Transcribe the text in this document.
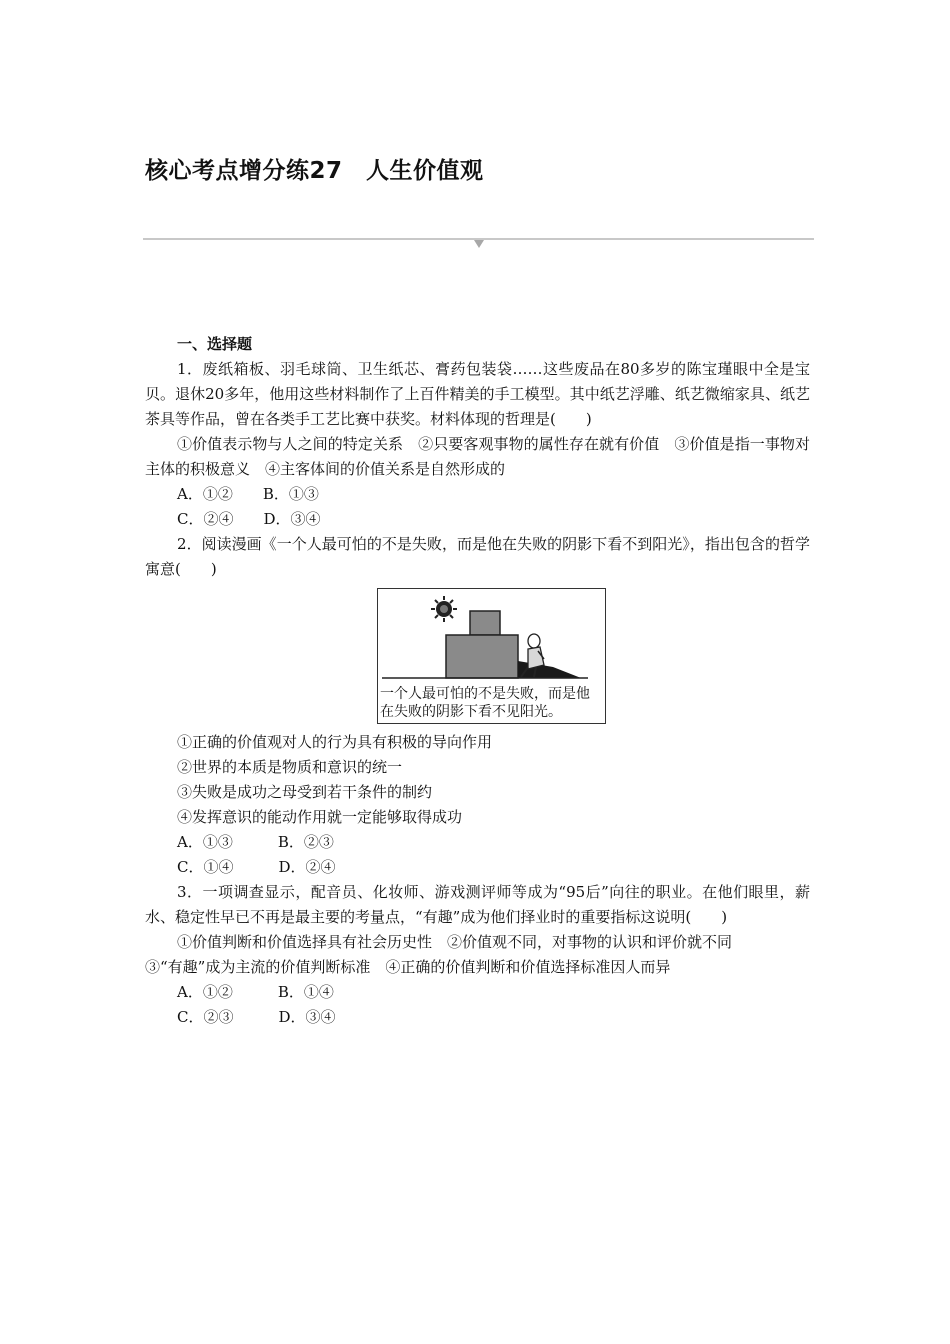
核心考点增分练27　人生价值观
一、选择题
1．废纸箱板、羽毛球筒、卫生纸芯、膏药包装袋……这些废品在80多岁的陈宝瑾眼中全是宝贝。退休20多年，他用这些材料制作了上百件精美的手工模型。其中纸艺浮雕、纸艺微缩家具、纸艺茶具等作品，曾在各类手工艺比赛中获奖。材料体现的哲理是(　　)
①价值表示物与人之间的特定关系　②只要客观事物的属性存在就有价值　③价值是指一事物对主体的积极意义　④主客体间的价值关系是自然形成的
A．①②　　B．①③
C．②④　　D．③④
2．阅读漫画《一个人最可怕的不是失败，而是他在失败的阴影下看不到阳光》，指出包含的哲学寓意(　　)
一个人最可怕的不是失败，而是他在失败的阴影下看不见阳光。
①正确的价值观对人的行为具有积极的导向作用
②世界的本质是物质和意识的统一
③失败是成功之母受到若干条件的制约
④发挥意识的能动作用就一定能够取得成功
A．①③　　　B．②③
C．①④　　　D．②④
3．一项调查显示，配音员、化妆师、游戏测评师等成为“95后”向往的职业。在他们眼里，薪水、稳定性早已不再是最主要的考量点，“有趣”成为他们择业时的重要指标这说明(　　)
①价值判断和价值选择具有社会历史性　②价值观不同，对事物的认识和评价就不同
③“有趣”成为主流的价值判断标准　④正确的价值判断和价值选择标准因人而异
A．①②　　　B．①④
C．②③　　　D．③④
